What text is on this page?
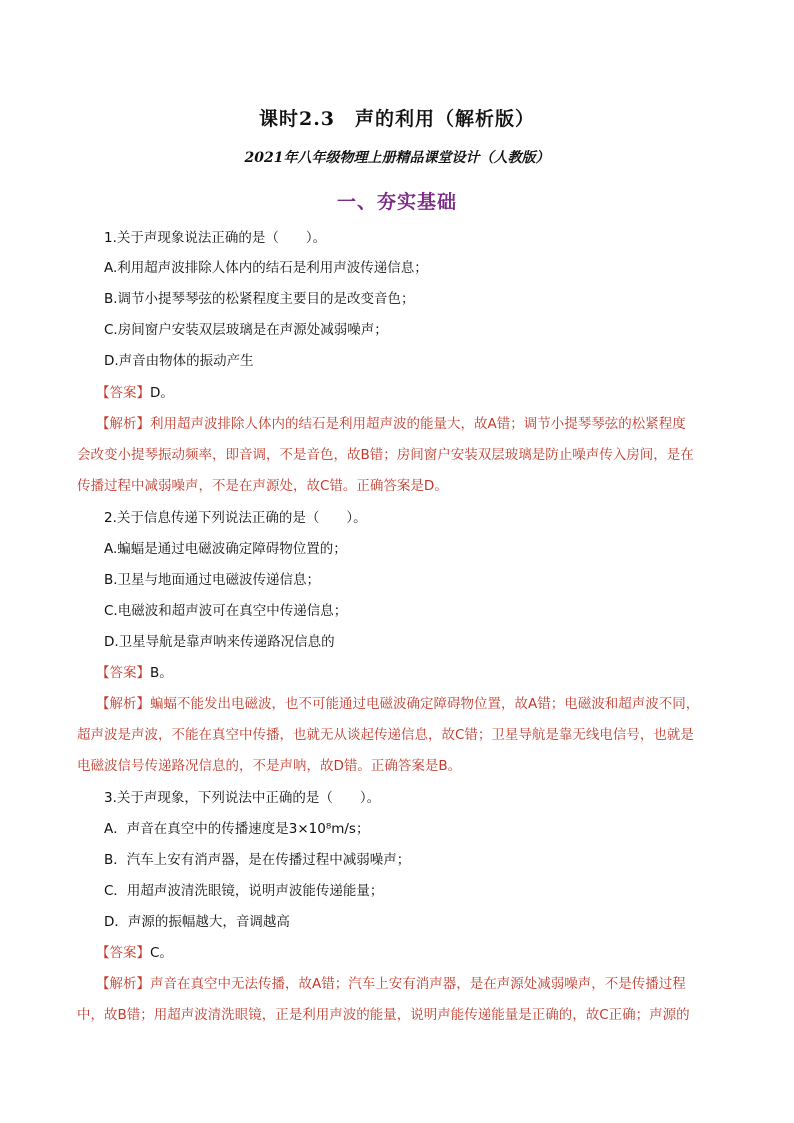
课时2.3　声的利用（解析版）
2021年八年级物理上册精品课堂设计（人教版）
一、夯实基础
1.关于声现象说法正确的是（　　）。
A.利用超声波排除人体内的结石是利用声波传递信息；
B.调节小提琴琴弦的松紧程度主要目的是改变音色；
C.房间窗户安装双层玻璃是在声源处减弱噪声；
D.声音由物体的振动产生
【答案】D。
【解析】利用超声波排除人体内的结石是利用超声波的能量大，故A错；调节小提琴琴弦的松紧程度
会改变小提琴振动频率，即音调，不是音色，故B错；房间窗户安装双层玻璃是防止噪声传入房间，是在
传播过程中减弱噪声，不是在声源处，故C错。正确答案是D。
2.关于信息传递下列说法正确的是（　　）。
A.蝙蝠是通过电磁波确定障碍物位置的；
B.卫星与地面通过电磁波传递信息；
C.电磁波和超声波可在真空中传递信息；
D.卫星导航是靠声呐来传递路况信息的
【答案】B。
【解析】蝙蝠不能发出电磁波，也不可能通过电磁波确定障碍物位置，故A错；电磁波和超声波不同，
超声波是声波，不能在真空中传播，也就无从谈起传递信息，故C错；卫星导航是靠无线电信号，也就是
电磁波信号传递路况信息的，不是声呐，故D错。正确答案是B。
3.关于声现象，下列说法中正确的是（　　）。
A．声音在真空中的传播速度是3×10⁸m/s；
B．汽车上安有消声器，是在传播过程中减弱噪声；
C．用超声波清洗眼镜，说明声波能传递能量；
D．声源的振幅越大，音调越高
【答案】C。
【解析】声音在真空中无法传播，故A错；汽车上安有消声器，是在声源处减弱噪声，不是传播过程
中，故B错；用超声波清洗眼镜，正是利用声波的能量，说明声能传递能量是正确的，故C正确；声源的
